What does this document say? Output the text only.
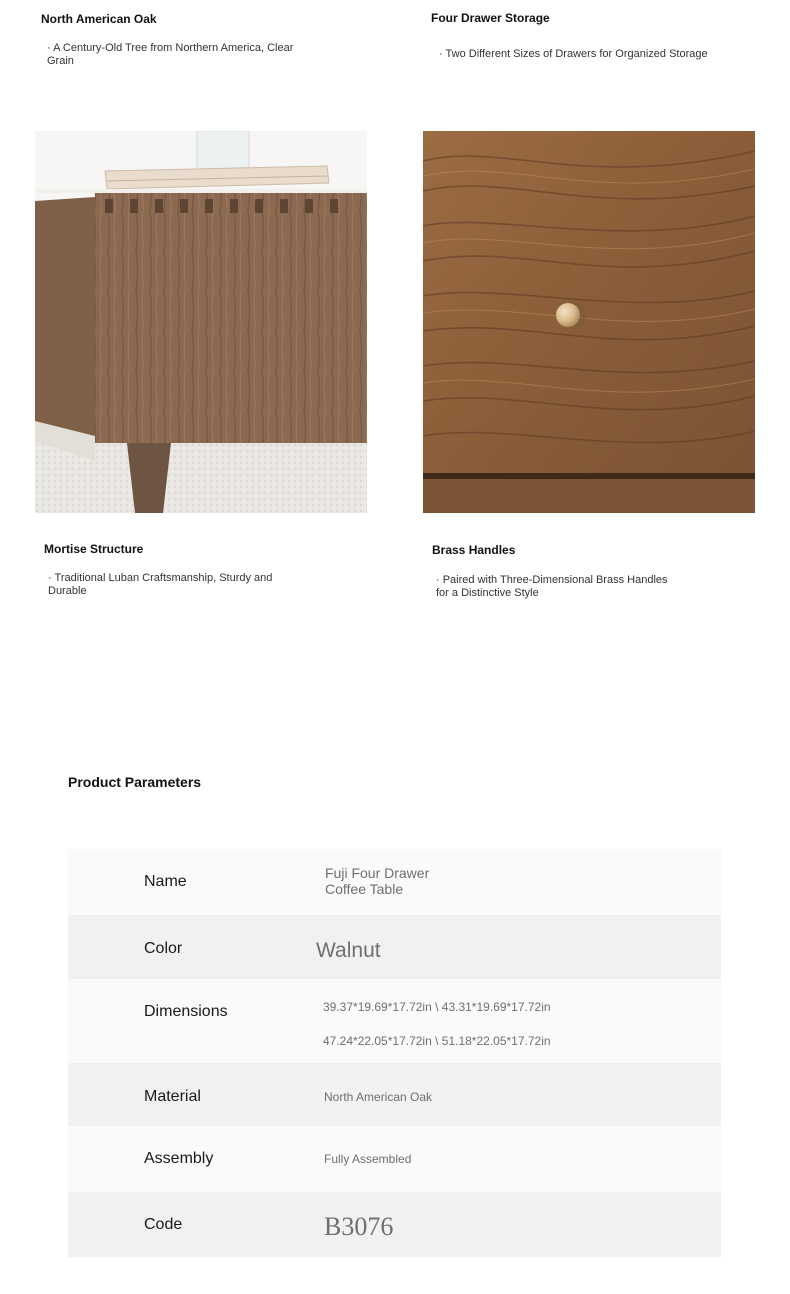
North American Oak
· A Century-Old Tree from Northern America, Clear Grain
Four Drawer Storage
· Two Different Sizes of Drawers for Organized Storage
Mortise Structure
· Traditional Luban Craftsmanship, Sturdy and Durable
Brass Handles
· Paired with Three-Dimensional Brass Handles for a Distinctive Style
Product Parameters
Name	Fuji Four Drawer Coffee Table
Color	Walnut
Dimensions	39.37*19.69*17.72in \ 43.31*19.69*17.72in
47.24*22.05*17.72in \ 51.18*22.05*17.72in
Material	North American Oak
Assembly	Fully Assembled
Code	B3076
